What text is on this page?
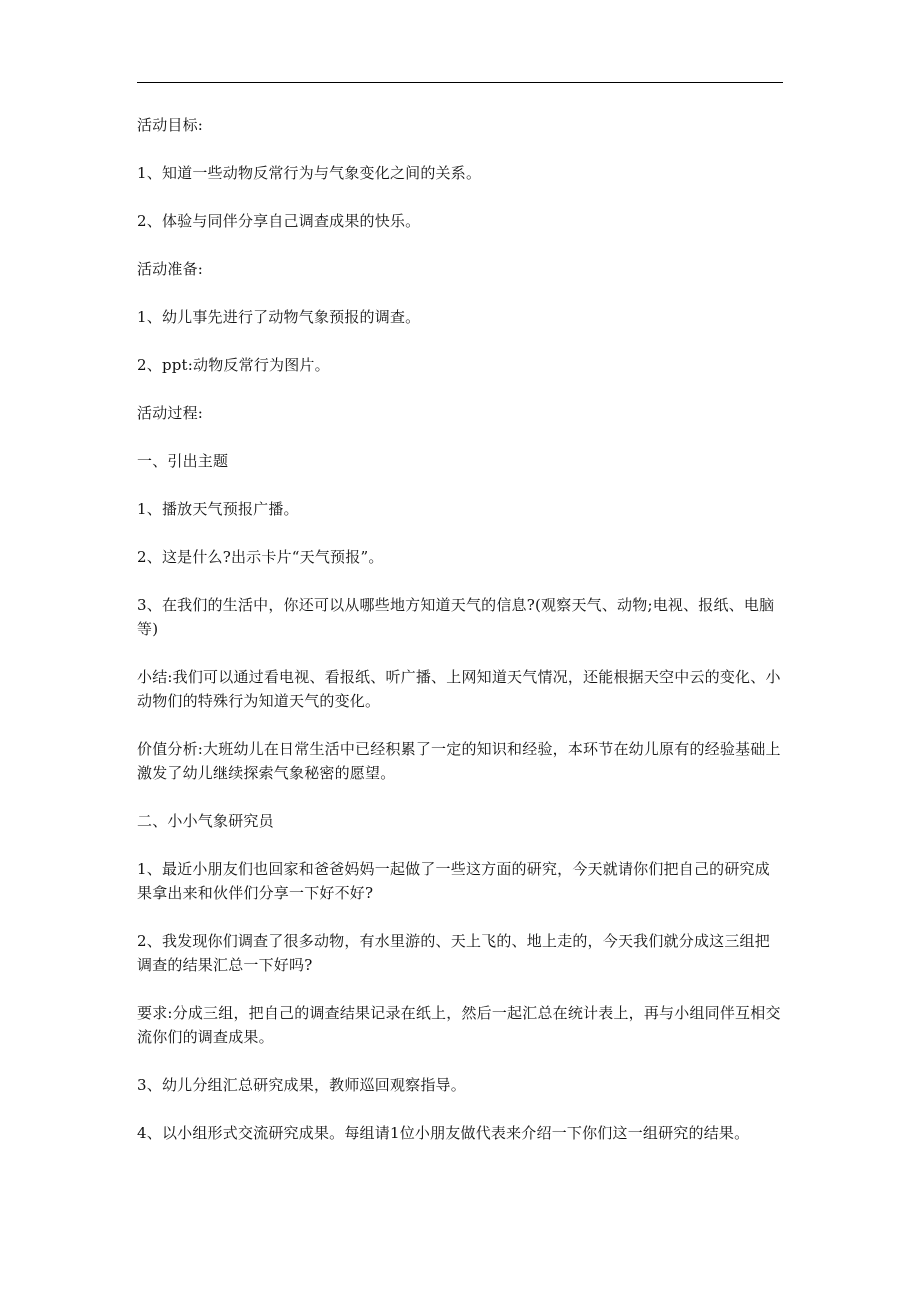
活动目标:

1、知道一些动物反常行为与气象变化之间的关系。

2、体验与同伴分享自己调查成果的快乐。

活动准备:

1、幼儿事先进行了动物气象预报的调查。

2、ppt:动物反常行为图片。

活动过程:

一、引出主题

1、播放天气预报广播。

2、这是什么?出示卡片“天气预报”。

3、在我们的生活中，你还可以从哪些地方知道天气的信息?(观察天气、动物;电视、报纸、电脑等)

小结:我们可以通过看电视、看报纸、听广播、上网知道天气情况，还能根据天空中云的变化、小动物们的特殊行为知道天气的变化。

价值分析:大班幼儿在日常生活中已经积累了一定的知识和经验，本环节在幼儿原有的经验基础上激发了幼儿继续探索气象秘密的愿望。

二、小小气象研究员

1、最近小朋友们也回家和爸爸妈妈一起做了一些这方面的研究，今天就请你们把自己的研究成果拿出来和伙伴们分享一下好不好?

2、我发现你们调查了很多动物，有水里游的、天上飞的、地上走的，今天我们就分成这三组把调查的结果汇总一下好吗?

要求:分成三组，把自己的调查结果记录在纸上，然后一起汇总在统计表上，再与小组同伴互相交流你们的调查成果。

3、幼儿分组汇总研究成果，教师巡回观察指导。

4、以小组形式交流研究成果。每组请1位小朋友做代表来介绍一下你们这一组研究的结果。
